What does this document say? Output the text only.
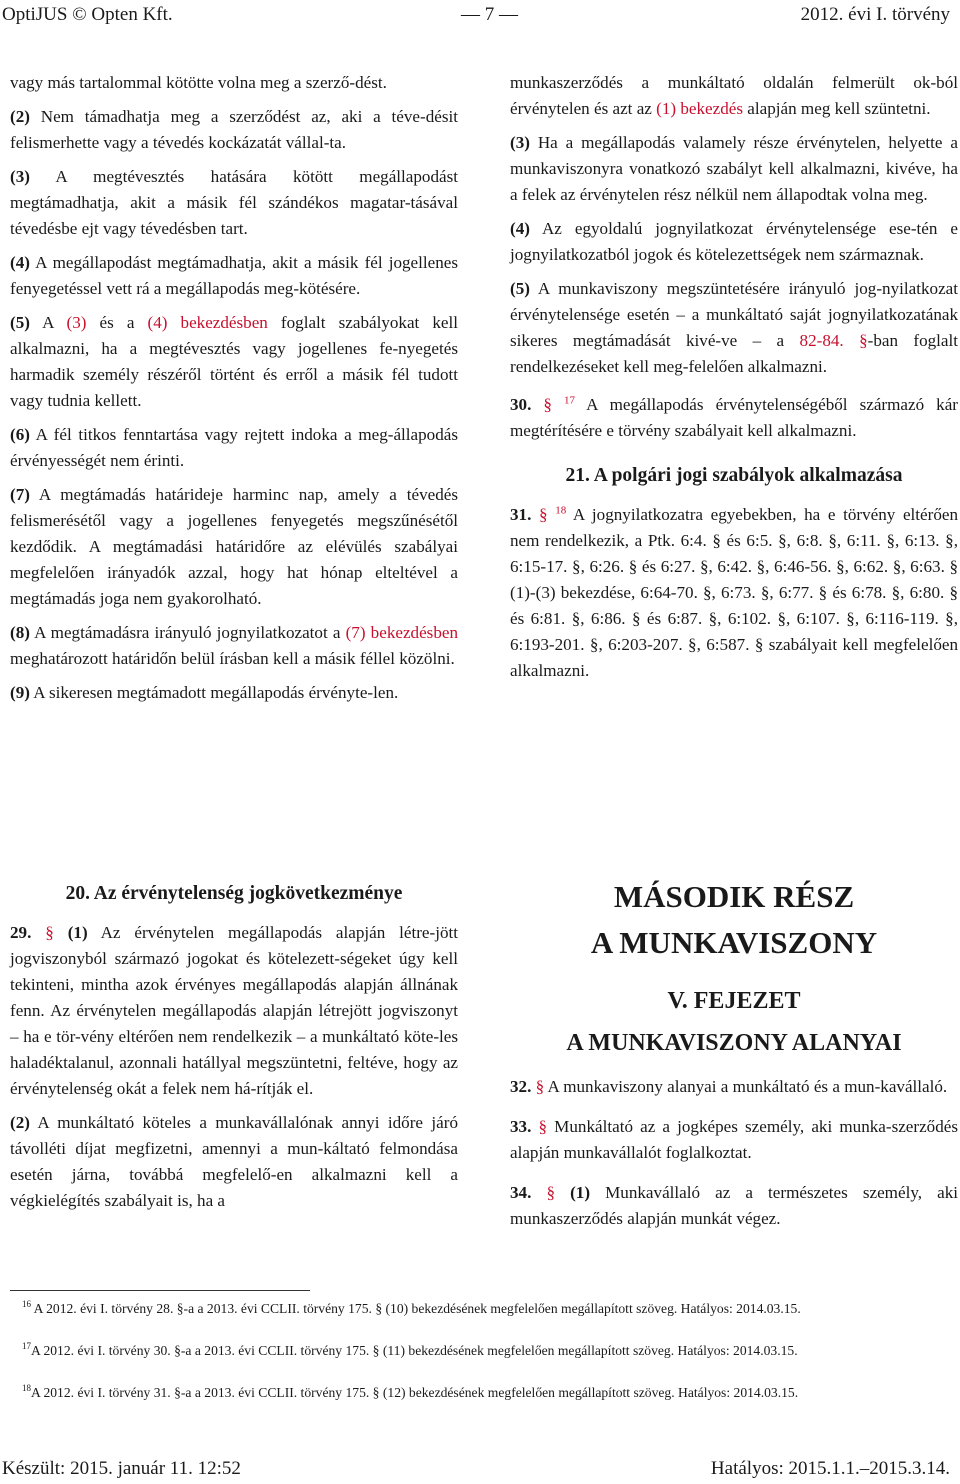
OptiJUS © Opten Kft.	— 7 —	2012. évi I. törvény

vagy más tartalommal kötötte volna meg a szerző-dést.

(2) Nem támadhatja meg a szerződést az, aki a téve-désit felismerhette vagy a tévedés kockázatát vállal-ta.

(3) A megtévesztés hatására kötött megállapodást megtámadhatja, akit a másik fél szándékos magatar-tásával tévedésbe ejt vagy tévedésben tart.

(4) A megállapodást megtámadhatja, akit a másik fél jogellenes fenyegetéssel vett rá a megállapodás meg-kötésére.

(5) A (3) és a (4) bekezdésben foglalt szabályokat kell alkalmazni, ha a megtévesztés vagy jogellenes fe-nyegetés harmadik személy részéről történt és erről a másik fél tudott vagy tudnia kellett.

(6) A fél titkos fenntartása vagy rejtett indoka a meg-állapodás érvényességét nem érinti.

(7) A megtámadás határideje harminc nap, amely a tévedés felismerésétől vagy a jogellenes fenyegetés megszűnésétől kezdődik. A megtámadási határidőre az elévülés szabályai megfelelően irányadók azzal, hogy hat hónap elteltével a megtámadás joga nem gyakorolható.

(8) A megtámadásra irányuló jognyilatkozatot a (7) bekezdésben meghatározott határidőn belül írásban kell a másik féllel közölni.

(9) A sikeresen megtámadott megállapodás érvényte-len.

20. Az érvénytelenség jogkövetkezménye

29. § (1) Az érvénytelen megállapodás alapján létre-jött jogviszonyból származó jogokat és kötelezett-ségeket úgy kell tekinteni, mintha azok érvényes megállapodás alapján állnának fenn. Az érvénytelen megállapodás alapján létrejött jogviszonyt – ha e tör-vény eltérően nem rendelkezik – a munkáltató köte-les haladéktalanul, azonnali hatállyal megszüntetni, feltéve, hogy az érvénytelenség okát a felek nem há-rítják el.

(2) A munkáltató köteles a munkavállalónak annyi időre járó távolléti díjat megfizetni, amennyi a mun-káltató felmondása esetén járna, továbbá megfelelő-en alkalmazni kell a végkielégítés szabályait is, ha a

munkaszerződés a munkáltató oldalán felmerült ok-ból érvénytelen és azt az (1) bekezdés alapján meg kell szüntetni.

(3) Ha a megállapodás valamely része érvénytelen, helyette a munkaviszonyra vonatkozó szabályt kell alkalmazni, kivéve, ha a felek az érvénytelen rész nélkül nem állapodtak volna meg.

(4) Az egyoldalú jognyilatkozat érvénytelensége ese-tén e jognyilatkozatból jogok és kötelezettségek nem származnak.

(5) A munkaviszony megszüntetésére irányuló jog-nyilatkozat érvénytelensége esetén – a munkáltató saját jognyilatkozatának sikeres megtámadását kivé-ve – a 82-84. §-ban foglalt rendelkezéseket kell meg-felelően alkalmazni.

30. § $^{17}$ A megállapodás érvénytelenségéből származó kár megtérítésére e törvény szabályait kell alkalmazni.

21. A polgári jogi szabályok alkalmazása

31. § $^{18}$ A jognyilatkozatra egyebekben, ha e törvény eltérően nem rendelkezik, a Ptk. 6:4. § és 6:5. §, 6:8. §, 6:11. §, 6:13. §, 6:15-17. §, 6:26. § és 6:27. §, 6:42. §, 6:46-56. §, 6:62. §, 6:63. § (1)-(3) bekezdése, 6:64-70. §, 6:73. §, 6:77. § és 6:78. §, 6:80. § és 6:81. §, 6:86. § és 6:87. §, 6:102. §, 6:107. §, 6:116-119. §, 6:193-201. §, 6:203-207. §, 6:587. § szabályait kell megfelelően alkalmazni.

MÁSODIK RÉSZ

A MUNKAVISZONY

V. FEJEZET

A MUNKAVISZONY ALANYAI

32. § A munkaviszony alanyai a munkáltató és a mun-kavállaló.

33. § Munkáltató az a jogképes személy, aki munka-szerződés alapján munkavállalót foglalkoztat.

34. § (1) Munkavállaló az a természetes személy, aki munkaszerződés alapján munkát végez.

$^{16}$ A 2012. évi I. törvény 28. §-a a 2013. évi CCLII. törvény 175. § (10) bekezdésének megfelelően megállapított szöveg. Hatályos: 2014.03.15.
$^{17}$A 2012. évi I. törvény 30. §-a a 2013. évi CCLII. törvény 175. § (11) bekezdésének megfelelően megállapított szöveg. Hatályos: 2014.03.15.
$^{18}$A 2012. évi I. törvény 31. §-a a 2013. évi CCLII. törvény 175. § (12) bekezdésének megfelelően megállapított szöveg. Hatályos: 2014.03.15.
Készült: 2015. január 11. 12:52	Hatályos: 2015.1.1.–2015.3.14.
